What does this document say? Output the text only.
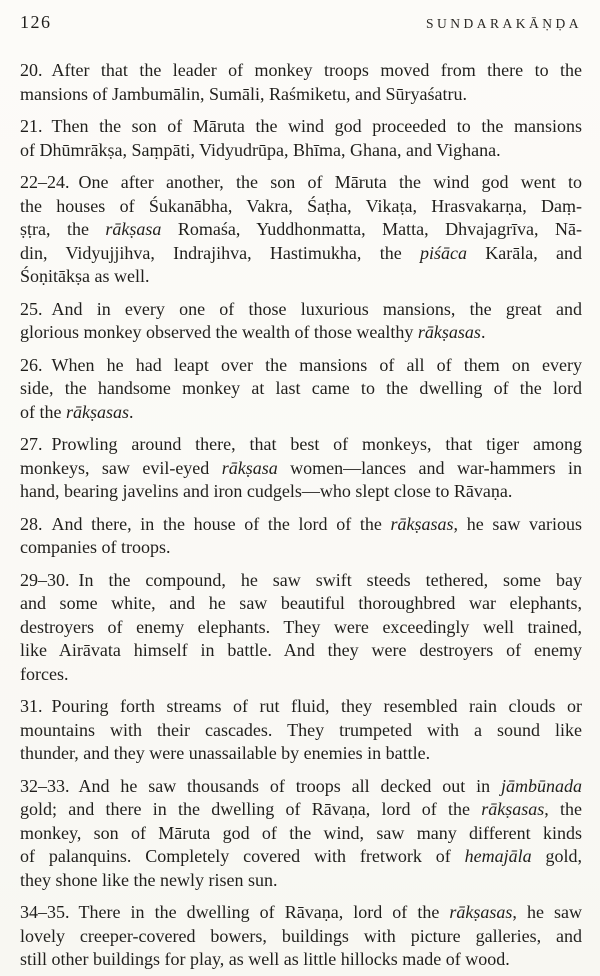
126	SUNDARAKĀṆḌA
20. After that the leader of monkey troops moved from there to the
mansions of Jambumālin, Sumāli, Raśmiketu, and Sūryaśatru.
21. Then the son of Māruta the wind god proceeded to the mansions
of Dhūmrākṣa, Saṃpāti, Vidyudrūpa, Bhīma, Ghana, and Vighana.
22–24. One after another, the son of Māruta the wind god went to
the houses of Śukanābha, Vakra, Śaṭha, Vikaṭa, Hrasvakarṇa, Daṃ-
ṣṭra, the rākṣasa Romaśa, Yuddhonmatta, Matta, Dhvajagrīva, Nā-
din, Vidyujjihva, Indrajihva, Hastimukha, the piśāca Karāla, and
Śoṇitākṣa as well.
25. And in every one of those luxurious mansions, the great and
glorious monkey observed the wealth of those wealthy rākṣasas.
26. When he had leapt over the mansions of all of them on every
side, the handsome monkey at last came to the dwelling of the lord
of the rākṣasas.
27. Prowling around there, that best of monkeys, that tiger among
monkeys, saw evil-eyed rākṣasa women—lances and war-hammers in
hand, bearing javelins and iron cudgels—who slept close to Rāvaṇa.
28. And there, in the house of the lord of the rākṣasas, he saw various
companies of troops.
29–30. In the compound, he saw swift steeds tethered, some bay
and some white, and he saw beautiful thoroughbred war elephants,
destroyers of enemy elephants. They were exceedingly well trained,
like Airāvata himself in battle. And they were destroyers of enemy
forces.
31. Pouring forth streams of rut fluid, they resembled rain clouds or
mountains with their cascades. They trumpeted with a sound like
thunder, and they were unassailable by enemies in battle.
32–33. And he saw thousands of troops all decked out in jāmbūnada
gold; and there in the dwelling of Rāvaṇa, lord of the rākṣasas, the
monkey, son of Māruta god of the wind, saw many different kinds
of palanquins. Completely covered with fretwork of hemajāla gold,
they shone like the newly risen sun.
34–35. There in the dwelling of Rāvaṇa, lord of the rākṣasas, he saw
lovely creeper-covered bowers, buildings with picture galleries, and
still other buildings for play, as well as little hillocks made of wood.
